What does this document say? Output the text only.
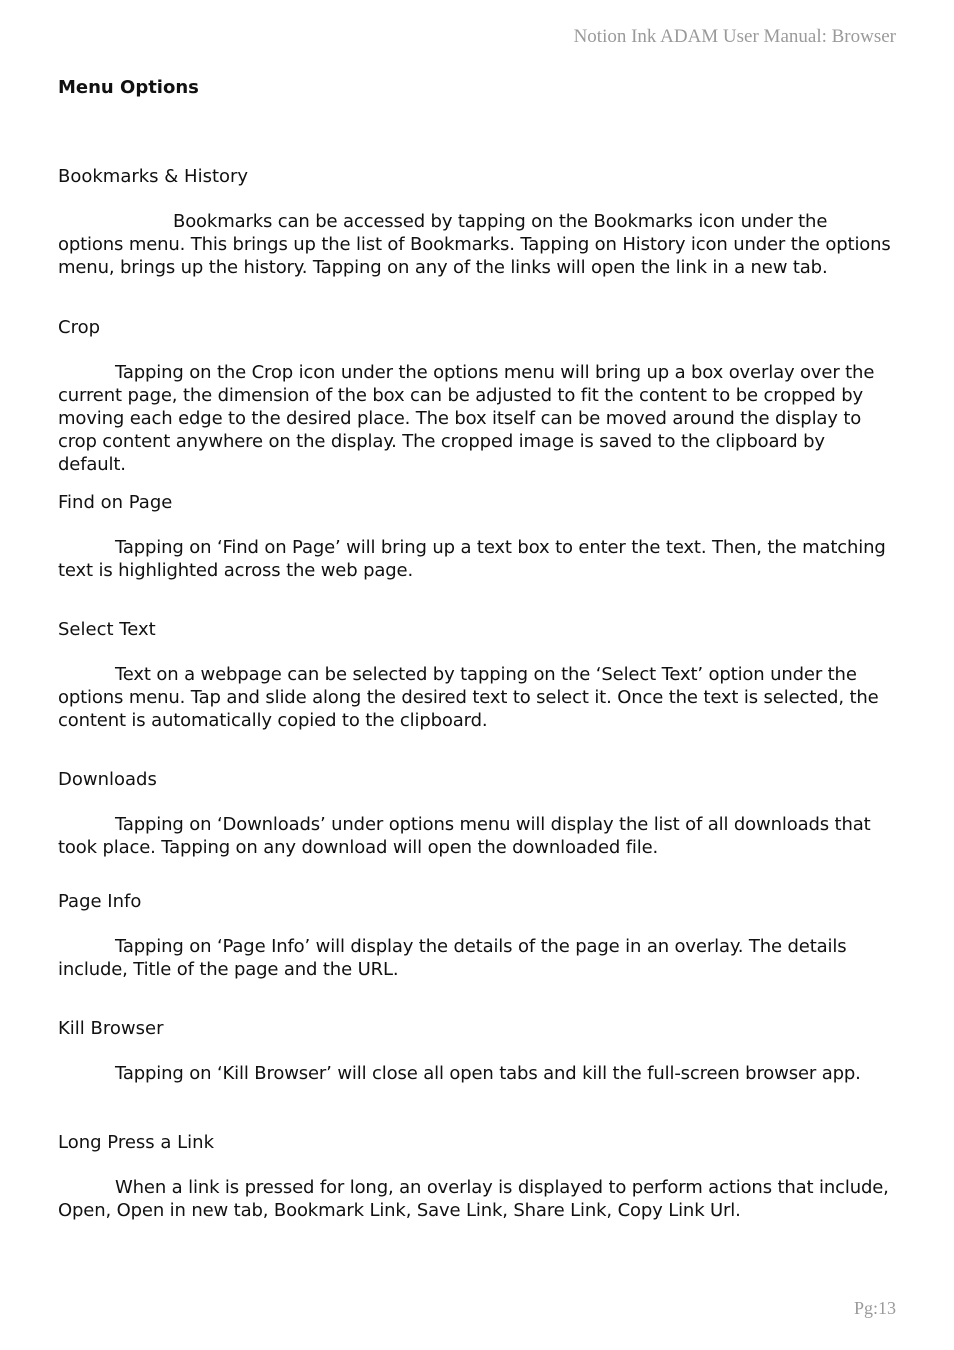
Notion Ink ADAM User Manual: Browser
Menu Options
Bookmarks & History

Bookmarks can be accessed by tapping on the Bookmarks icon under the options menu. This brings up the list of Bookmarks. Tapping on History icon under the options menu, brings up the history. Tapping on any of the links will open the link in a new tab.

Crop

Tapping on the Crop icon under the options menu will bring up a box overlay over the current page, the dimension of the box can be adjusted to fit the content to be cropped by moving each edge to the desired place. The box itself can be moved around the display to crop content anywhere on the display. The cropped image is saved to the clipboard by default.

Find on Page

Tapping on ‘Find on Page’ will bring up a text box to enter the text. Then, the matching text is highlighted across the web page.

Select Text

Text on a webpage can be selected by tapping on the ‘Select Text’ option under the options menu. Tap and slide along the desired text to select it. Once the text is selected, the content is automatically copied to the clipboard.

Downloads

Tapping on ‘Downloads’ under options menu will display the list of all downloads that took place. Tapping on any download will open the downloaded file.

Page Info

Tapping on ‘Page Info’ will display the details of the page in an overlay. The details include, Title of the page and the URL.

Kill Browser

Tapping on ‘Kill Browser’ will close all open tabs and kill the full-screen browser app.

Long Press a Link

When a link is pressed for long, an overlay is displayed to perform actions that include, Open, Open in new tab, Bookmark Link, Save Link, Share Link, Copy Link Url.

Pg:13
